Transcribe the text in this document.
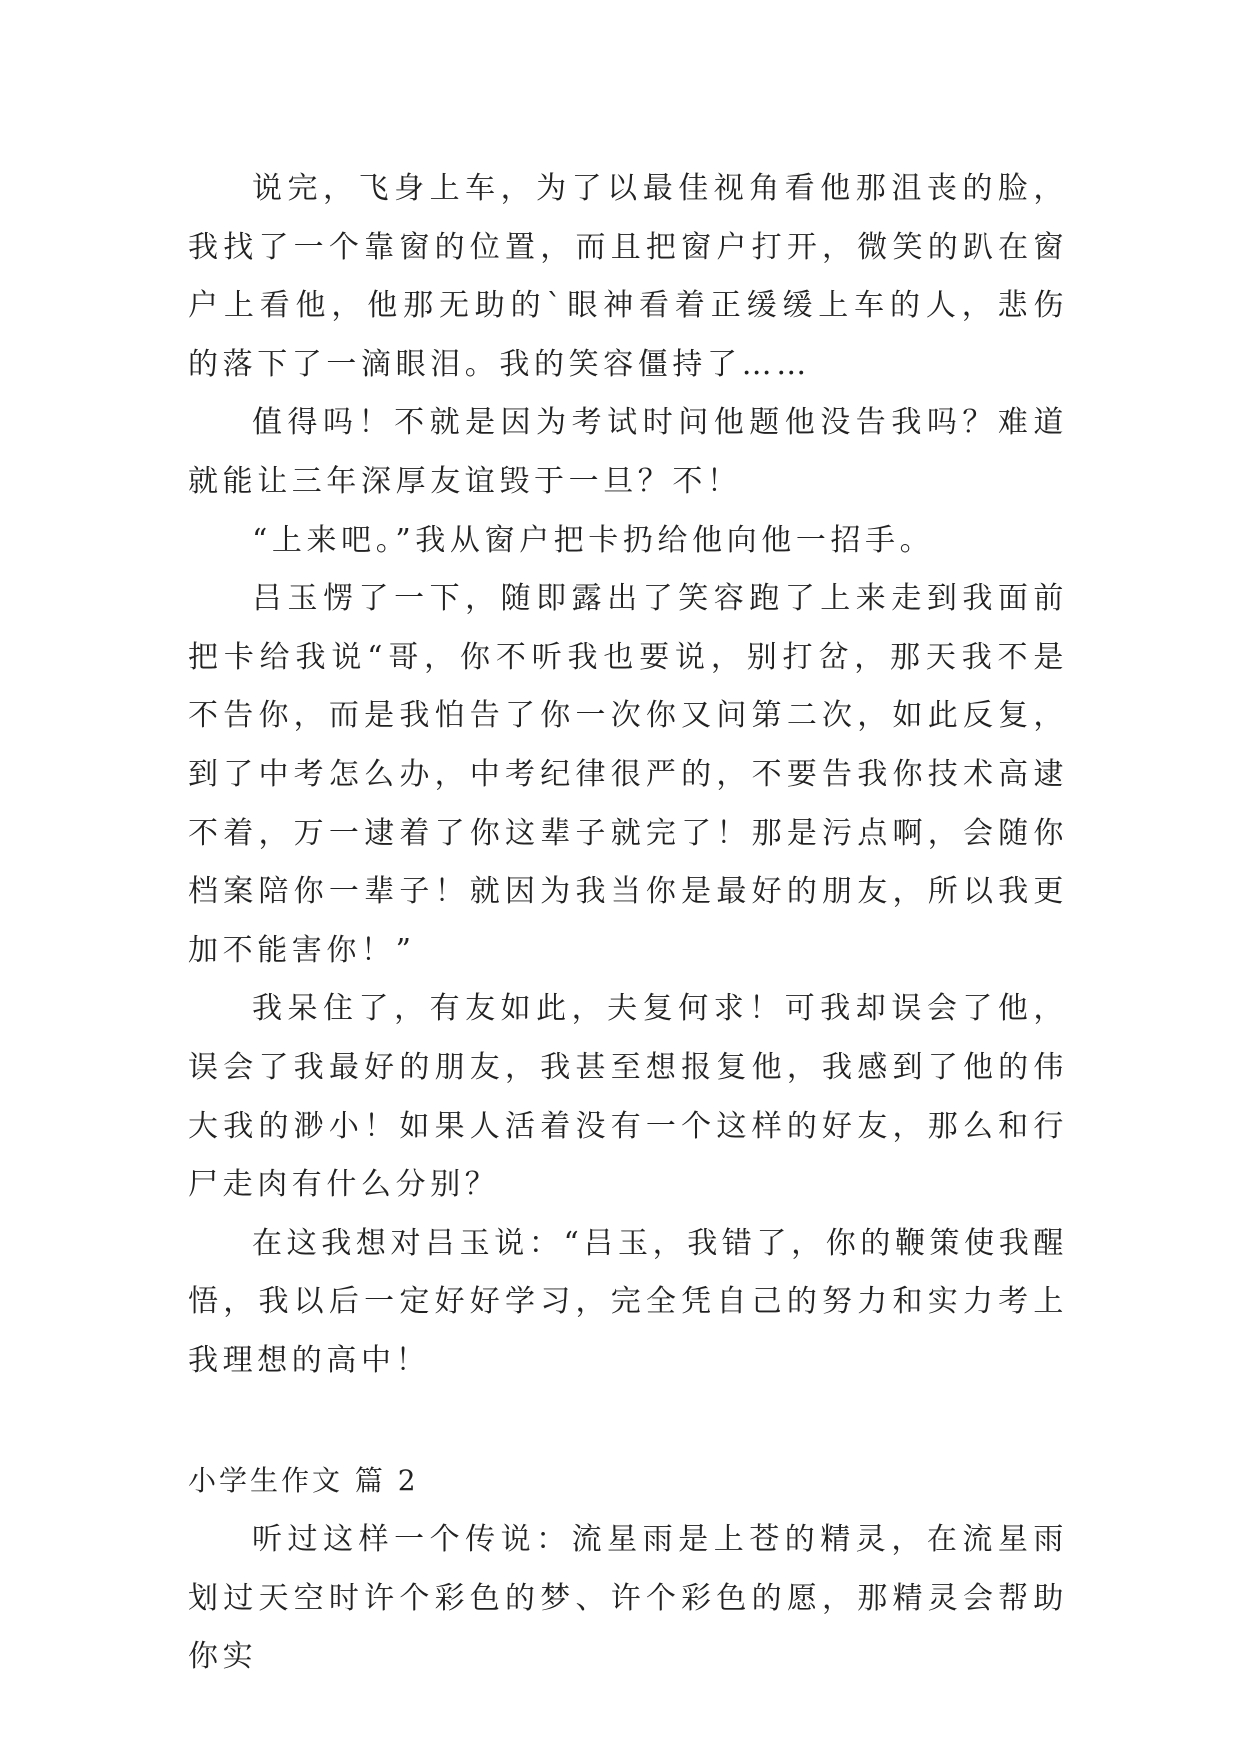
说完，飞身上车，为了以最佳视角看他那沮丧的脸，我找了一个靠窗的位置，而且把窗户打开，微笑的趴在窗户上看他，他那无助的`眼神看着正缓缓上车的人，悲伤的落下了一滴眼泪。我的笑容僵持了……

值得吗！不就是因为考试时问他题他没告我吗？难道就能让三年深厚友谊毁于一旦？不！

“上来吧。”我从窗户把卡扔给他向他一招手。

吕玉愣了一下，随即露出了笑容跑了上来走到我面前把卡给我说“哥，你不听我也要说，别打岔，那天我不是不告你，而是我怕告了你一次你又问第二次，如此反复，到了中考怎么办，中考纪律很严的，不要告我你技术高逮不着，万一逮着了你这辈子就完了！那是污点啊，会随你档案陪你一辈子！就因为我当你是最好的朋友，所以我更加不能害你！”

我呆住了，有友如此，夫复何求！可我却误会了他，误会了我最好的朋友，我甚至想报复他，我感到了他的伟大我的渺小！如果人活着没有一个这样的好友，那么和行尸走肉有什么分别？

在这我想对吕玉说：“吕玉，我错了，你的鞭策使我醒悟，我以后一定好好学习，完全凭自己的努力和实力考上我理想的高中！

小学生作文 篇 2

听过这样一个传说：流星雨是上苍的精灵，在流星雨划过天空时许个彩色的梦、许个彩色的愿，那精灵会帮助你实
